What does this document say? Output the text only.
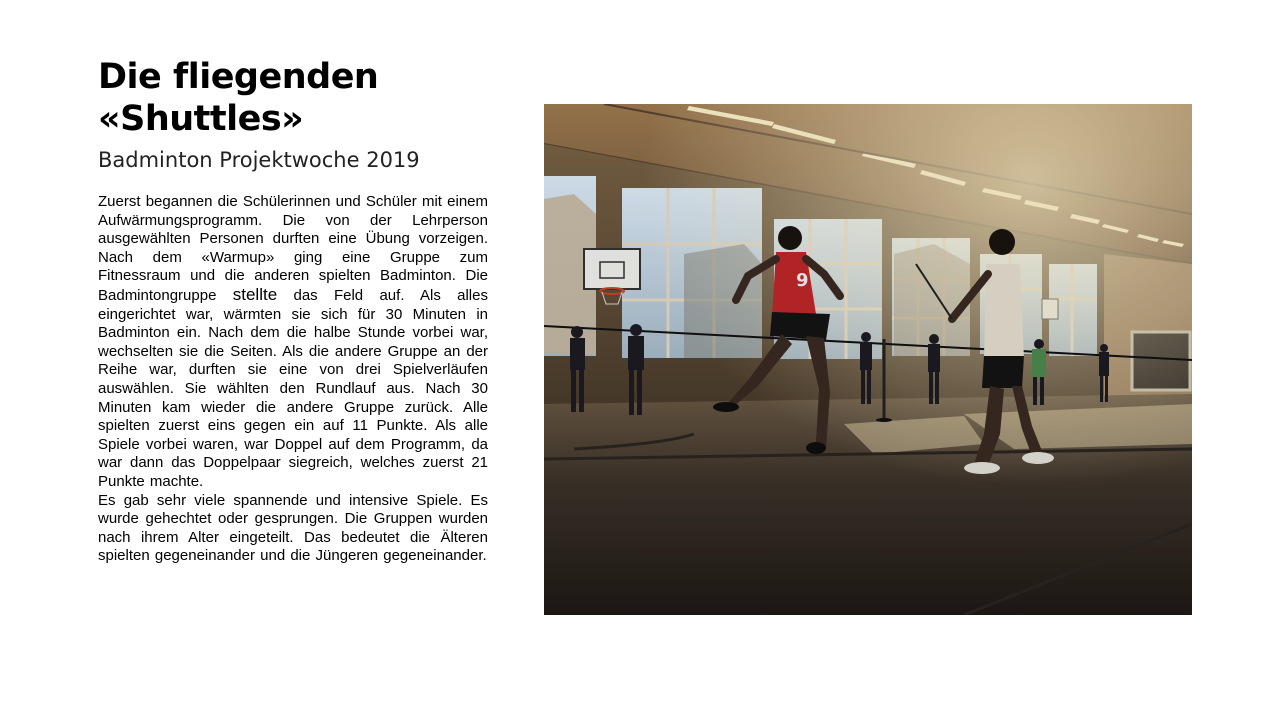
Die fliegenden
«Shuttles»
Badminton Projektwoche 2019

Zuerst begannen die Schülerinnen und Schüler mit einem Aufwärmungsprogramm. Die von der Lehrperson ausgewählten Personen durften eine Übung vorzeigen. Nach dem «Warmup» ging eine Gruppe zum Fitnessraum und die anderen spielten Badminton. Die Badmintongruppe stellte das Feld auf. Als alles eingerichtet war, wärmten sie sich für 30 Minuten in Badminton ein. Nach dem die halbe Stunde vorbei war, wechselten sie die Seiten. Als die andere Gruppe an der Reihe war, durften sie eine von drei Spielverläufen auswählen. Sie wählten den Rundlauf aus. Nach 30 Minuten kam wieder die andere Gruppe zurück. Alle spielten zuerst eins gegen ein auf 11 Punkte. Als alle Spiele vorbei waren, war Doppel auf dem Programm, da war dann das Doppelpaar siegreich, welches zuerst 21 Punkte machte.

Es gab sehr viele spannende und intensive Spiele. Es wurde gehechtet oder gesprungen. Die Gruppen wurden nach ihrem Alter eingeteilt. Das bedeutet die Älteren spielten gegeneinander und die Jüngeren gegeneinander.

9
